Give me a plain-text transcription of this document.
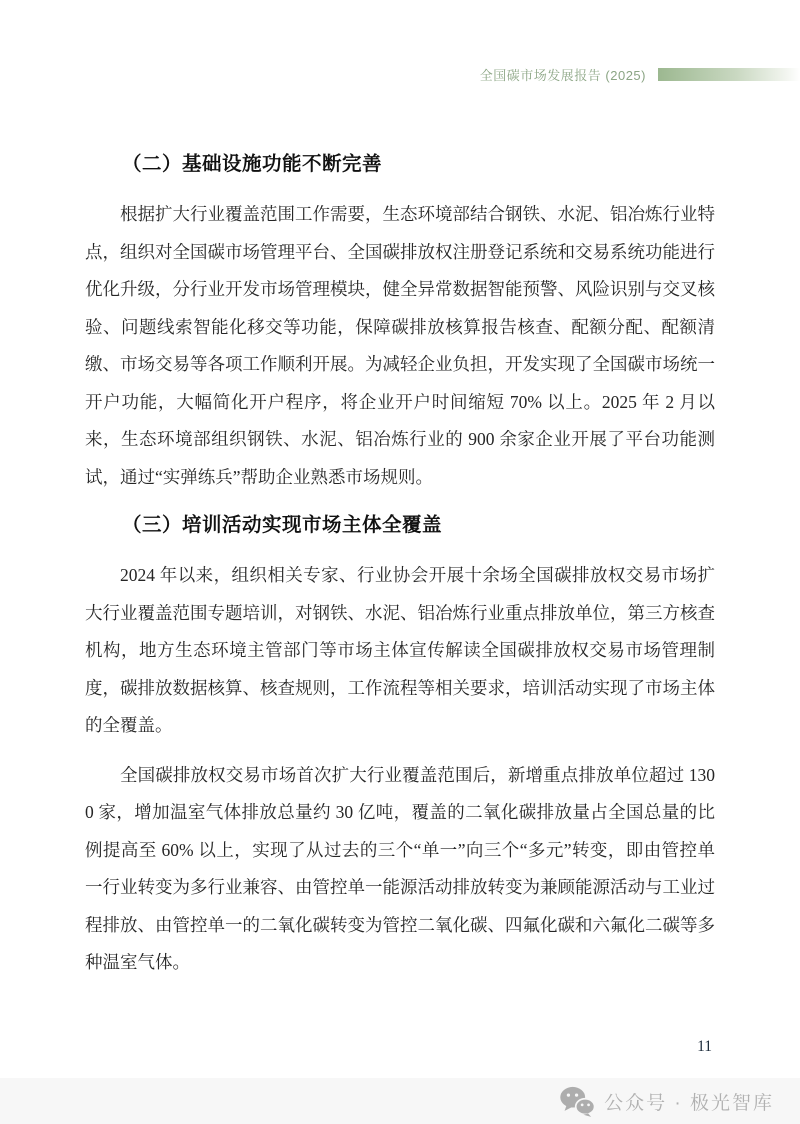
全国碳市场发展报告 (2025)
（二）基础设施功能不断完善

根据扩大行业覆盖范围工作需要，生态环境部结合钢铁、水泥、铝冶炼行业特点，组织对全国碳市场管理平台、全国碳排放权注册登记系统和交易系统功能进行优化升级，分行业开发市场管理模块，健全异常数据智能预警、风险识别与交叉核验、问题线索智能化移交等功能，保障碳排放核算报告核查、配额分配、配额清缴、市场交易等各项工作顺利开展。为减轻企业负担，开发实现了全国碳市场统一开户功能，大幅简化开户程序，将企业开户时间缩短 70% 以上。2025 年 2 月以来，生态环境部组织钢铁、水泥、铝冶炼行业的 900 余家企业开展了平台功能测试，通过“实弹练兵”帮助企业熟悉市场规则。

（三）培训活动实现市场主体全覆盖

2024 年以来，组织相关专家、行业协会开展十余场全国碳排放权交易市场扩大行业覆盖范围专题培训，对钢铁、水泥、铝冶炼行业重点排放单位，第三方核查机构，地方生态环境主管部门等市场主体宣传解读全国碳排放权交易市场管理制度，碳排放数据核算、核查规则，工作流程等相关要求，培训活动实现了市场主体的全覆盖。

全国碳排放权交易市场首次扩大行业覆盖范围后，新增重点排放单位超过 1300 家，增加温室气体排放总量约 30 亿吨，覆盖的二氧化碳排放量占全国总量的比例提高至 60% 以上，实现了从过去的三个“单一”向三个“多元”转变，即由管控单一行业转变为多行业兼容、由管控单一能源活动排放转变为兼顾能源活动与工业过程排放、由管控单一的二氧化碳转变为管控二氧化碳、四氟化碳和六氟化二碳等多种温室气体。

11
公众号 · 极光智库
